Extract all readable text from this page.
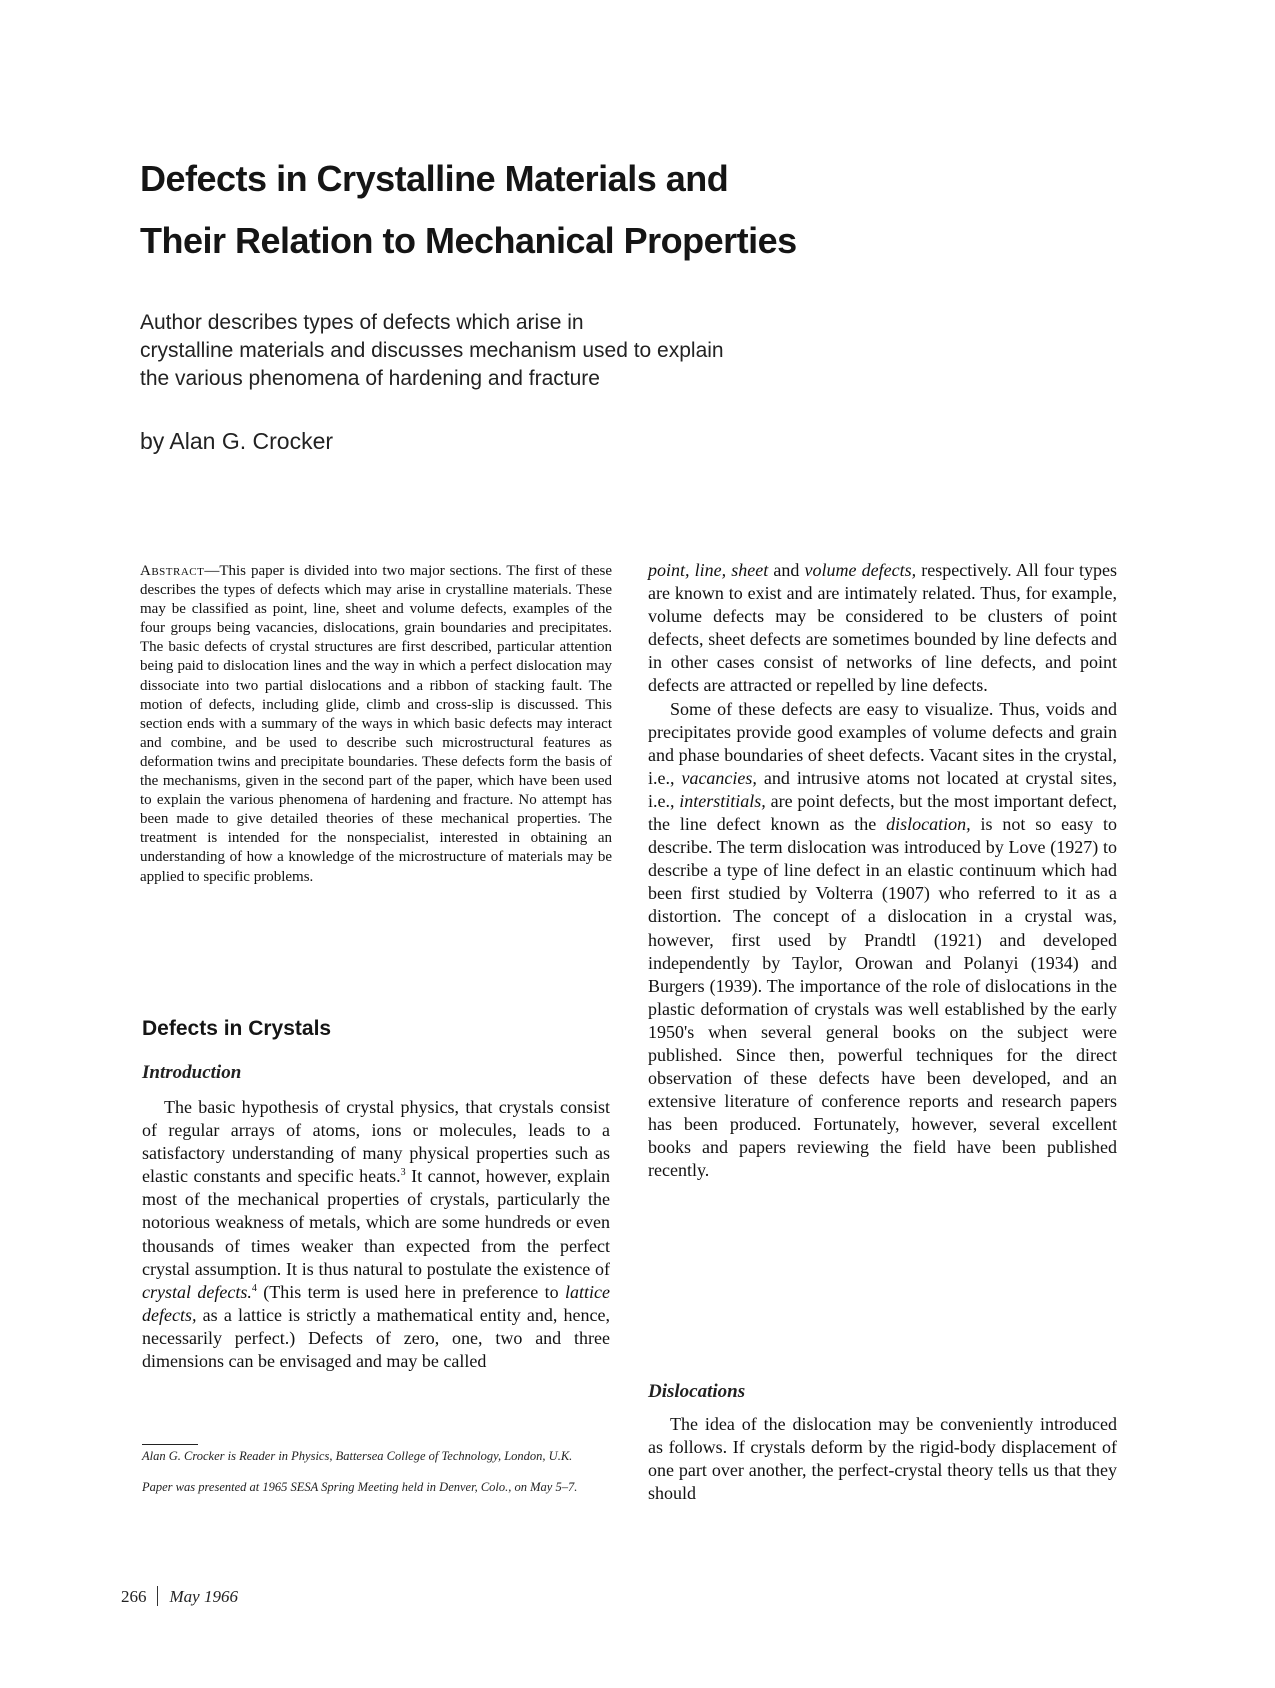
Defects in Crystalline Materials and
Their Relation to Mechanical Properties

Author describes types of defects which arise in
crystalline materials and discusses mechanism used to explain
the various phenomena of hardening and fracture

by Alan G. Crocker

Abstract—This paper is divided into two major sections. The first of these describes the types of defects which may arise in crystalline materials. These may be classified as point, line, sheet and volume defects, examples of the four groups being vacancies, dislocations, grain boundaries and precipitates. The basic defects of crystal structures are first described, particular attention being paid to dislocation lines and the way in which a perfect dislocation may dissociate into two partial dislocations and a ribbon of stacking fault. The motion of defects, including glide, climb and cross-slip is discussed. This section ends with a summary of the ways in which basic defects may interact and combine, and be used to describe such microstructural features as deformation twins and precipitate boundaries. These defects form the basis of the mechanisms, given in the second part of the paper, which have been used to explain the various phenomena of hardening and fracture. No attempt has been made to give detailed theories of these mechanical properties. The treatment is intended for the nonspecialist, interested in obtaining an understanding of how a knowledge of the microstructure of materials may be applied to specific problems.

Defects in Crystals
Introduction
The basic hypothesis of crystal physics, that crystals consist of regular arrays of atoms, ions or molecules, leads to a satisfactory understanding of many physical properties such as elastic constants and specific heats.$^3$ It cannot, however, explain most of the mechanical properties of crystals, particularly the notorious weakness of metals, which are some hundreds or even thousands of times weaker than expected from the perfect crystal assumption. It is thus natural to postulate the existence of crystal defects.$^4$ (This term is used here in preference to lattice defects, as a lattice is strictly a mathematical entity and, hence, necessarily perfect.) Defects of zero, one, two and three dimensions can be envisaged and may be called
point, line, sheet and volume defects, respectively. All four types are known to exist and are intimately related. Thus, for example, volume defects may be considered to be clusters of point defects, sheet defects are sometimes bounded by line defects and in other cases consist of networks of line defects, and point defects are attracted or repelled by line defects.
Some of these defects are easy to visualize. Thus, voids and precipitates provide good examples of volume defects and grain and phase boundaries of sheet defects. Vacant sites in the crystal, i.e., vacancies, and intrusive atoms not located at crystal sites, i.e., interstitials, are point defects, but the most important defect, the line defect known as the dislocation, is not so easy to describe. The term dislocation was introduced by Love (1927) to describe a type of line defect in an elastic continuum which had been first studied by Volterra (1907) who referred to it as a distortion. The concept of a dislocation in a crystal was, however, first used by Prandtl (1921) and developed independently by Taylor, Orowan and Polanyi (1934) and Burgers (1939). The importance of the role of dislocations in the plastic deformation of crystals was well established by the early 1950's when several general books on the subject were published. Since then, powerful techniques for the direct observation of these defects have been developed, and an extensive literature of conference reports and research papers has been produced. Fortunately, however, several excellent books and papers reviewing the field have been published recently.
Dislocations
The idea of the dislocation may be conveniently introduced as follows. If crystals deform by the rigid-body displacement of one part over another, the perfect-crystal theory tells us that they should

Alan G. Crocker is Reader in Physics, Battersea College of Technology, London, U.K.

Paper was presented at 1965 SESA Spring Meeting held in Denver, Colo., on May 5–7.

266 May 1966
